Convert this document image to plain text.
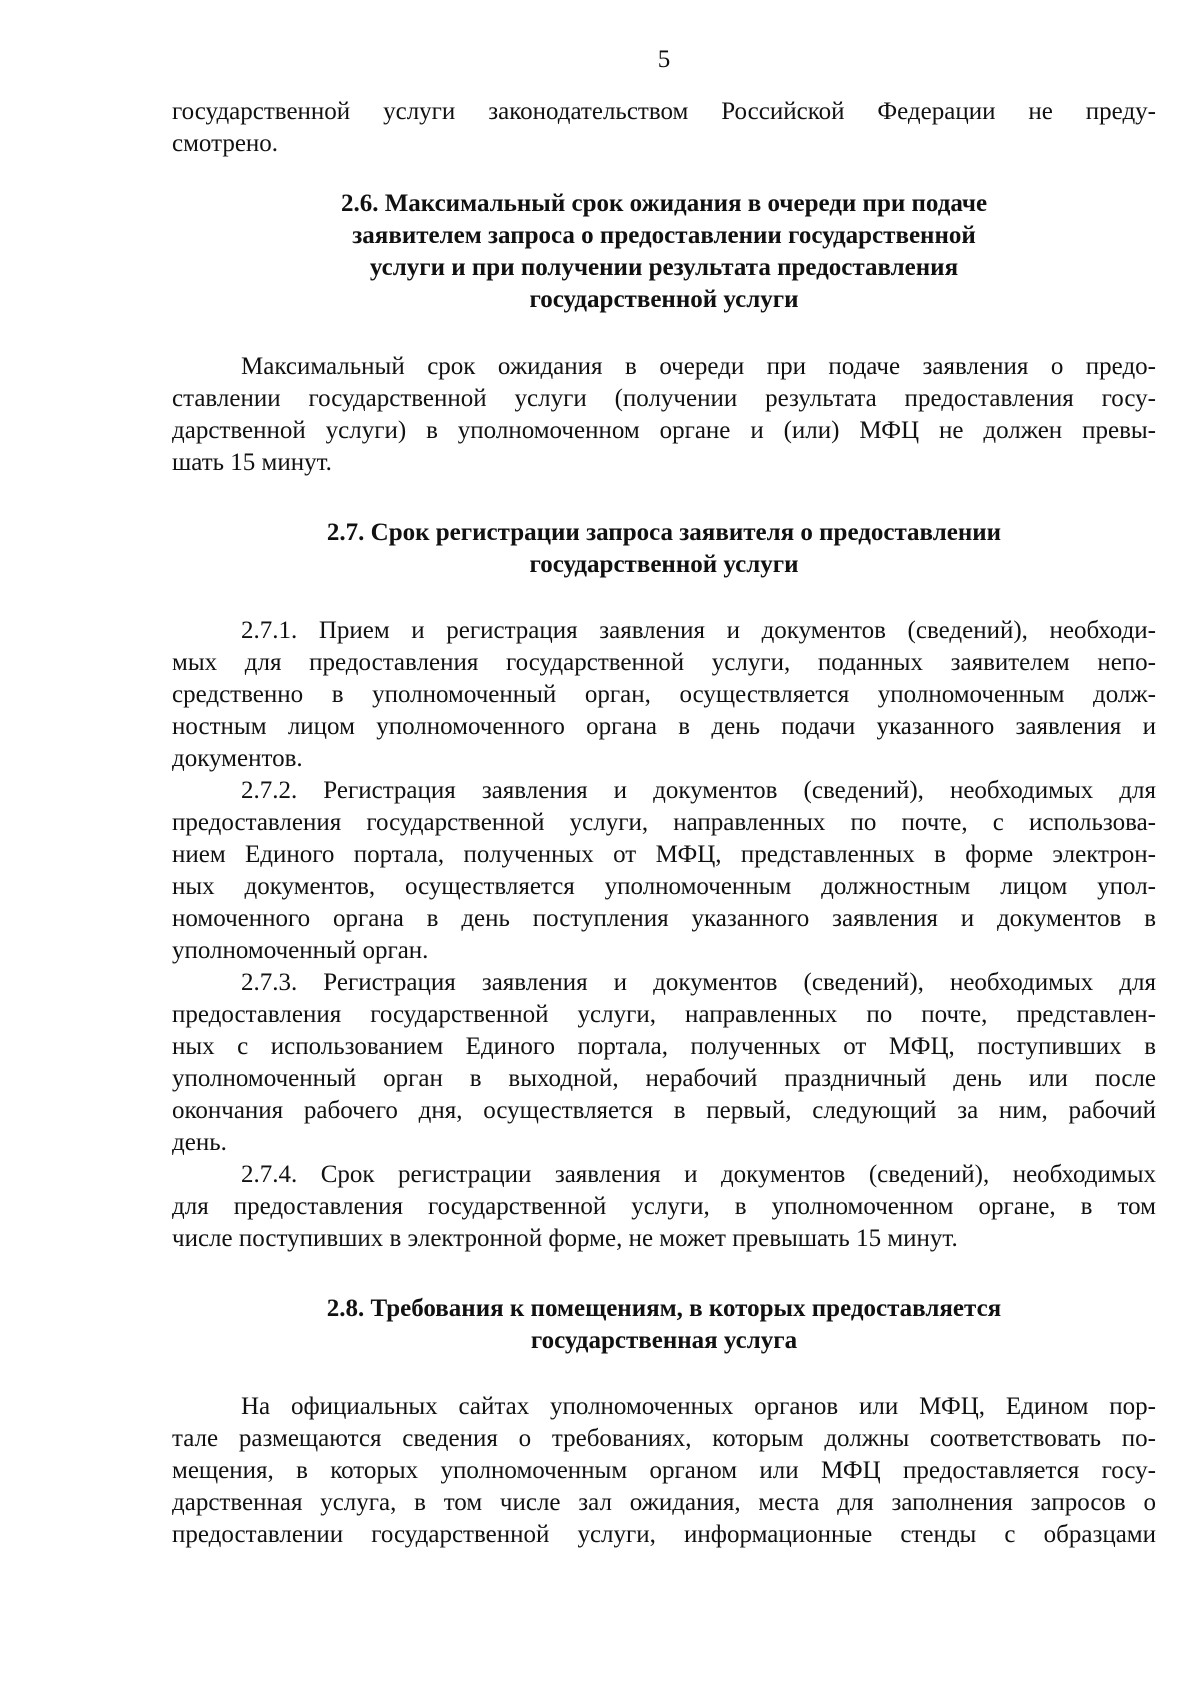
5
государственной услуги законодательством Российской Федерации не преду-
смотрено.
2.6. Максимальный срок ожидания в очереди при подаче
заявителем запроса о предоставлении государственной
услуги и при получении результата предоставления
государственной услуги
Максимальный срок ожидания в очереди при подаче заявления о предо-
ставлении государственной услуги (получении результата предоставления госу-
дарственной услуги) в уполномоченном органе и (или) МФЦ не должен превы-
шать 15 минут.
2.7. Срок регистрации запроса заявителя о предоставлении
государственной услуги
2.7.1. Прием и регистрация заявления и документов (сведений), необходи-
мых для предоставления государственной услуги, поданных заявителем непо-
средственно в уполномоченный орган, осуществляется уполномоченным долж-
ностным лицом уполномоченного органа в день подачи указанного заявления и
документов.
2.7.2. Регистрация заявления и документов (сведений), необходимых для
предоставления государственной услуги, направленных по почте, с использова-
нием Единого портала, полученных от МФЦ, представленных в форме электрон-
ных документов, осуществляется уполномоченным должностным лицом упол-
номоченного органа в день поступления указанного заявления и документов в
уполномоченный орган.
2.7.3. Регистрация заявления и документов (сведений), необходимых для
предоставления государственной услуги, направленных по почте, представлен-
ных с использованием Единого портала, полученных от МФЦ, поступивших в
уполномоченный орган в выходной, нерабочий праздничный день или после
окончания рабочего дня, осуществляется в первый, следующий за ним, рабочий
день.
2.7.4. Срок регистрации заявления и документов (сведений), необходимых
для предоставления государственной услуги, в уполномоченном органе, в том
числе поступивших в электронной форме, не может превышать 15 минут.
2.8. Требования к помещениям, в которых предоставляется
государственная услуга
На официальных сайтах уполномоченных органов или МФЦ, Едином пор-
тале размещаются сведения о требованиях, которым должны соответствовать по-
мещения, в которых уполномоченным органом или МФЦ предоставляется госу-
дарственная услуга, в том числе зал ожидания, места для заполнения запросов о
предоставлении государственной услуги, информационные стенды с образцами
